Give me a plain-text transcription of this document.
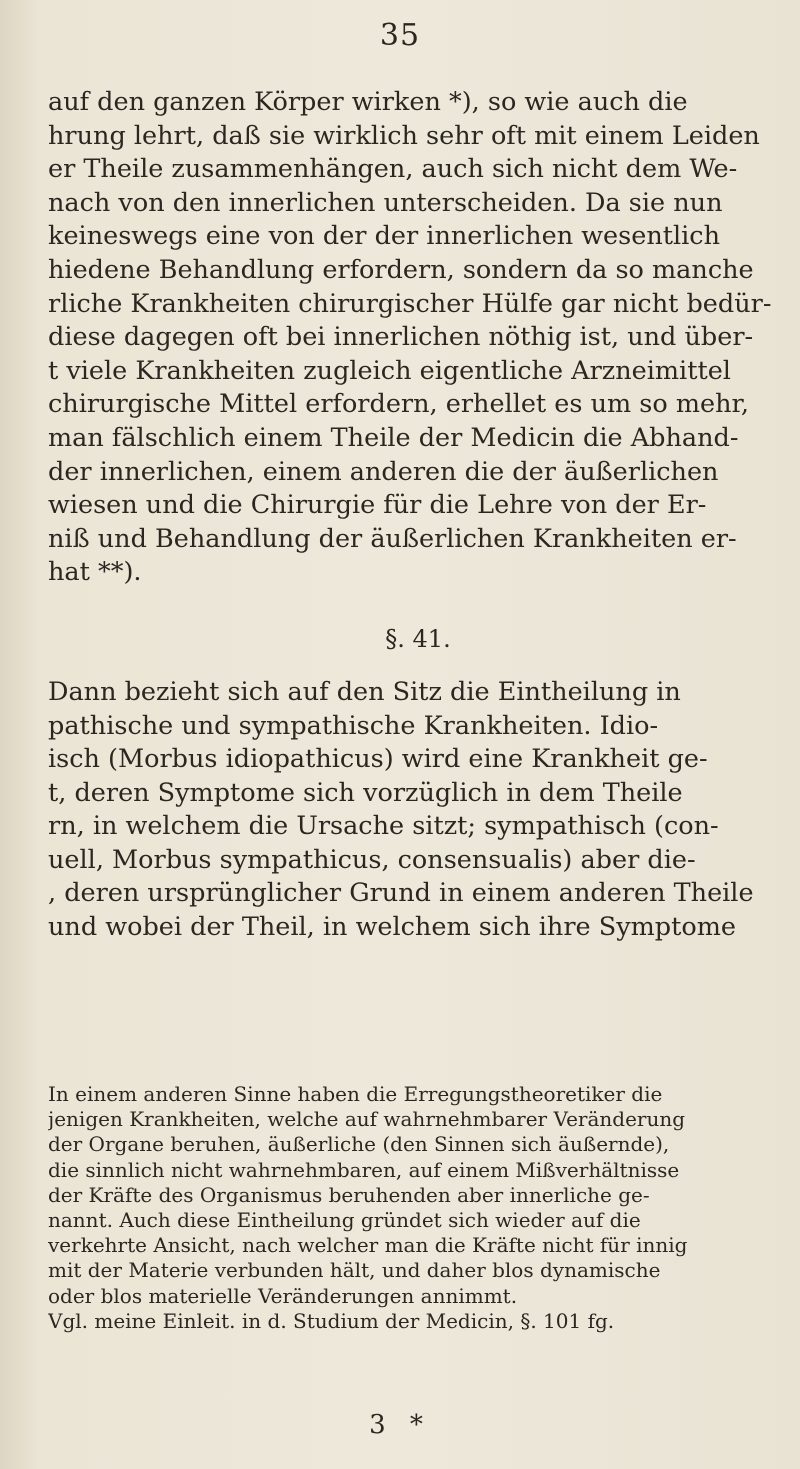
35
auf den ganzen Körper wirken *), so wie auch die
hrung lehrt, daß sie wirklich sehr oft mit einem Leiden
er Theile zusammenhängen, auch sich nicht dem We-
nach von den innerlichen unterscheiden. Da sie nun
keineswegs eine von der der innerlichen wesentlich
hiedene Behandlung erfordern, sondern da so manche
rliche Krankheiten chirurgischer Hülfe gar nicht bedür-
diese dagegen oft bei innerlichen nöthig ist, und über-
t viele Krankheiten zugleich eigentliche Arzneimittel
chirurgische Mittel erfordern, erhellet es um so mehr,
man fälschlich einem Theile der Medicin die Abhand-
der innerlichen, einem anderen die der äußerlichen
wiesen und die Chirurgie für die Lehre von der Er-
niß und Behandlung der äußerlichen Krankheiten er-
hat **).
§. 41.
Dann bezieht sich auf den Sitz die Eintheilung in
pathische und sympathische Krankheiten. Idio-
isch (Morbus idiopathicus) wird eine Krankheit ge-
t, deren Symptome sich vorzüglich in dem Theile
rn, in welchem die Ursache sitzt; sympathisch (con-
uell, Morbus sympathicus, consensualis) aber die-
, deren ursprünglicher Grund in einem anderen Theile
und wobei der Theil, in welchem sich ihre Symptome
In einem anderen Sinne haben die Erregungstheoretiker die
jenigen Krankheiten, welche auf wahrnehmbarer Veränderung
der Organe beruhen, äußerliche (den Sinnen sich äußernde),
die sinnlich nicht wahrnehmbaren, auf einem Mißverhältnisse
der Kräfte des Organismus beruhenden aber innerliche ge-
nannt. Auch diese Eintheilung gründet sich wieder auf die
verkehrte Ansicht, nach welcher man die Kräfte nicht für innig
mit der Materie verbunden hält, und daher blos dynamische
oder blos materielle Veränderungen annimmt.
Vgl. meine Einleit. in d. Studium der Medicin, §. 101 fg.
3 *
